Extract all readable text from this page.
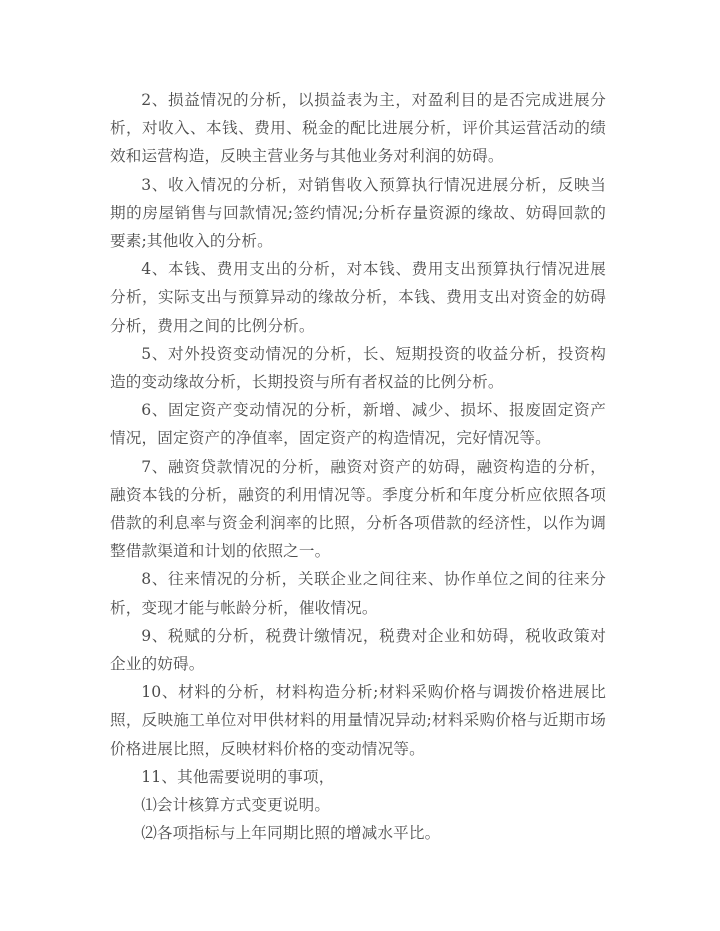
2、损益情况的分析，以损益表为主，对盈利目的是否完成进展分析，对收入、本钱、费用、税金的配比进展分析，评价其运营活动的绩效和运营构造，反映主营业务与其他业务对利润的妨碍。

3、收入情况的分析，对销售收入预算执行情况进展分析，反映当期的房屋销售与回款情况;签约情况;分析存量资源的缘故、妨碍回款的要素;其他收入的分析。

4、本钱、费用支出的分析，对本钱、费用支出预算执行情况进展分析，实际支出与预算异动的缘故分析，本钱、费用支出对资金的妨碍分析，费用之间的比例分析。

5、对外投资变动情况的分析，长、短期投资的收益分析，投资构造的变动缘故分析，长期投资与所有者权益的比例分析。

6、固定资产变动情况的分析，新增、减少、损坏、报废固定资产情况，固定资产的净值率，固定资产的构造情况，完好情况等。

7、融资贷款情况的分析，融资对资产的妨碍，融资构造的分析，融资本钱的分析，融资的利用情况等。季度分析和年度分析应依照各项借款的利息率与资金利润率的比照，分析各项借款的经济性，以作为调整借款渠道和计划的依照之一。

8、往来情况的分析，关联企业之间往来、协作单位之间的往来分析，变现才能与帐龄分析，催收情况。

9、税赋的分析，税费计缴情况，税费对企业和妨碍，税收政策对企业的妨碍。

10、材料的分析，材料构造分析;材料采购价格与调拨价格进展比照，反映施工单位对甲供材料的用量情况异动;材料采购价格与近期市场价格进展比照，反映材料价格的变动情况等。

11、其他需要说明的事项，

⑴会计核算方式变更说明。

⑵各项指标与上年同期比照的增减水平比。
